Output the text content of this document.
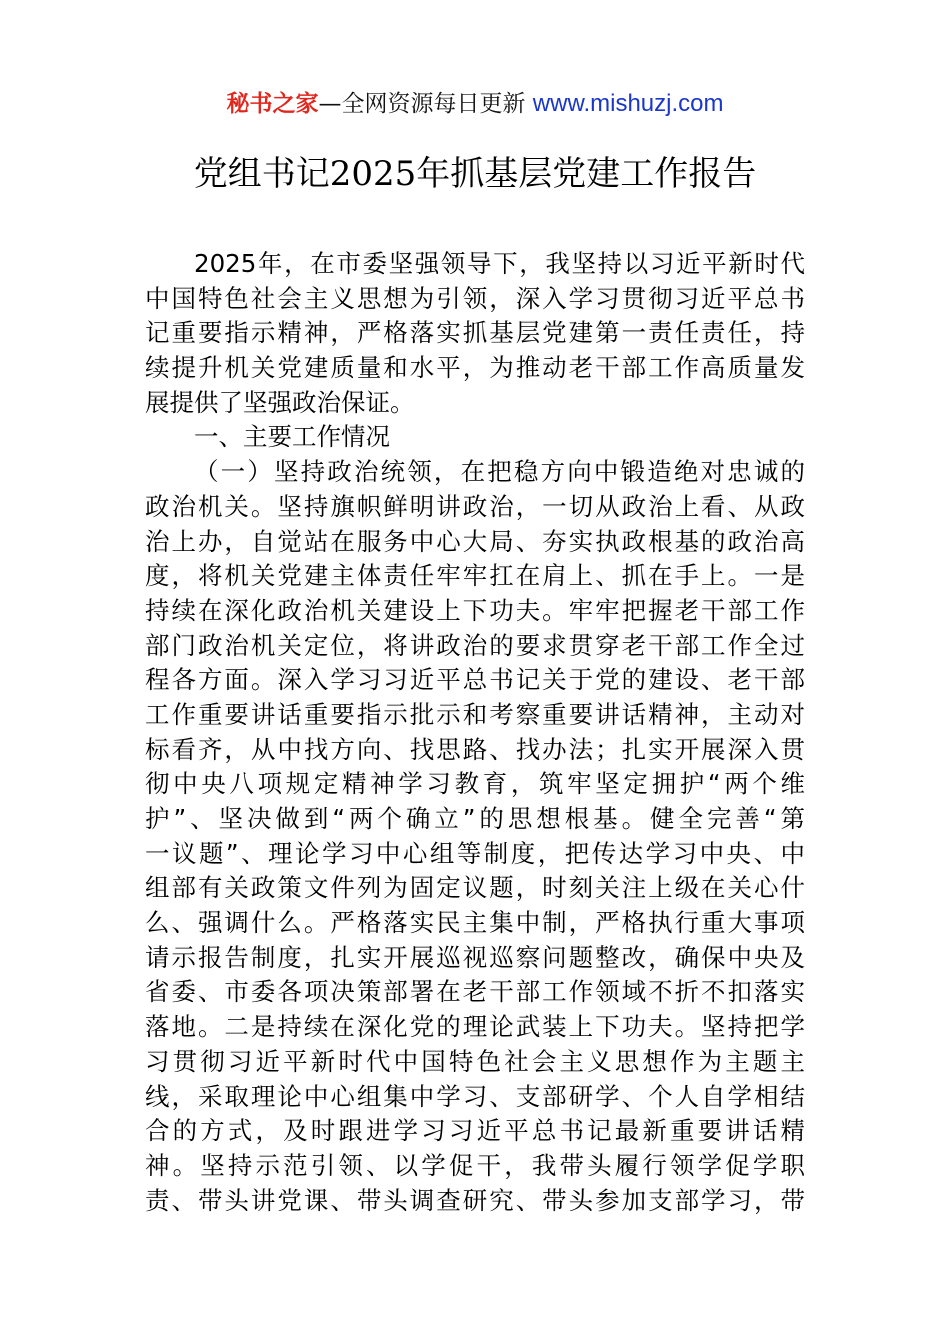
秘书之家—全网资源每日更新 www.mishuzj.com
党组书记2025年抓基层党建工作报告
2025年，在市委坚强领导下，我坚持以习近平新时代
中国特色社会主义思想为引领，深入学习贯彻习近平总书
记重要指示精神，严格落实抓基层党建第一责任责任，持
续提升机关党建质量和水平，为推动老干部工作高质量发
展提供了坚强政治保证。
一、主要工作情况
（一）坚持政治统领，在把稳方向中锻造绝对忠诚的
政治机关。坚持旗帜鲜明讲政治，一切从政治上看、从政
治上办，自觉站在服务中心大局、夯实执政根基的政治高
度，将机关党建主体责任牢牢扛在肩上、抓在手上。一是
持续在深化政治机关建设上下功夫。牢牢把握老干部工作
部门政治机关定位，将讲政治的要求贯穿老干部工作全过
程各方面。深入学习习近平总书记关于党的建设、老干部
工作重要讲话重要指示批示和考察重要讲话精神，主动对
标看齐，从中找方向、找思路、找办法；扎实开展深入贯
彻中央八项规定精神学习教育，筑牢坚定拥护“两个维
护”、坚决做到“两个确立”的思想根基。健全完善“第
一议题”、理论学习中心组等制度，把传达学习中央、中
组部有关政策文件列为固定议题，时刻关注上级在关心什
么、强调什么。严格落实民主集中制，严格执行重大事项
请示报告制度，扎实开展巡视巡察问题整改，确保中央及
省委、市委各项决策部署在老干部工作领域不折不扣落实
落地。二是持续在深化党的理论武装上下功夫。坚持把学
习贯彻习近平新时代中国特色社会主义思想作为主题主
线，采取理论中心组集中学习、支部研学、个人自学相结
合的方式，及时跟进学习习近平总书记最新重要讲话精
神。坚持示范引领、以学促干，我带头履行领学促学职
责、带头讲党课、带头调查研究、带头参加支部学习，带
